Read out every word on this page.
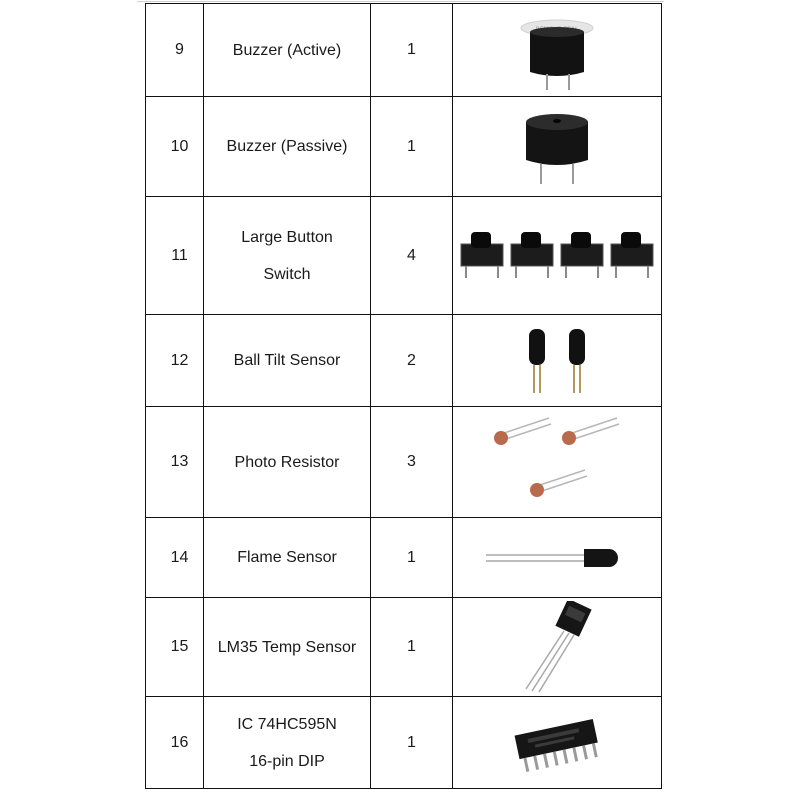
9	Buzzer (Active)	1	

10	Buzzer (Passive)	1	

11	Large Button
Switch	4	

12	Ball Tilt Sensor	2	

13	Photo Resistor	3	

14	Flame Sensor	1	

15	LM35 Temp Sensor	1	

16	IC 74HC595N
16-pin DIP	1	
